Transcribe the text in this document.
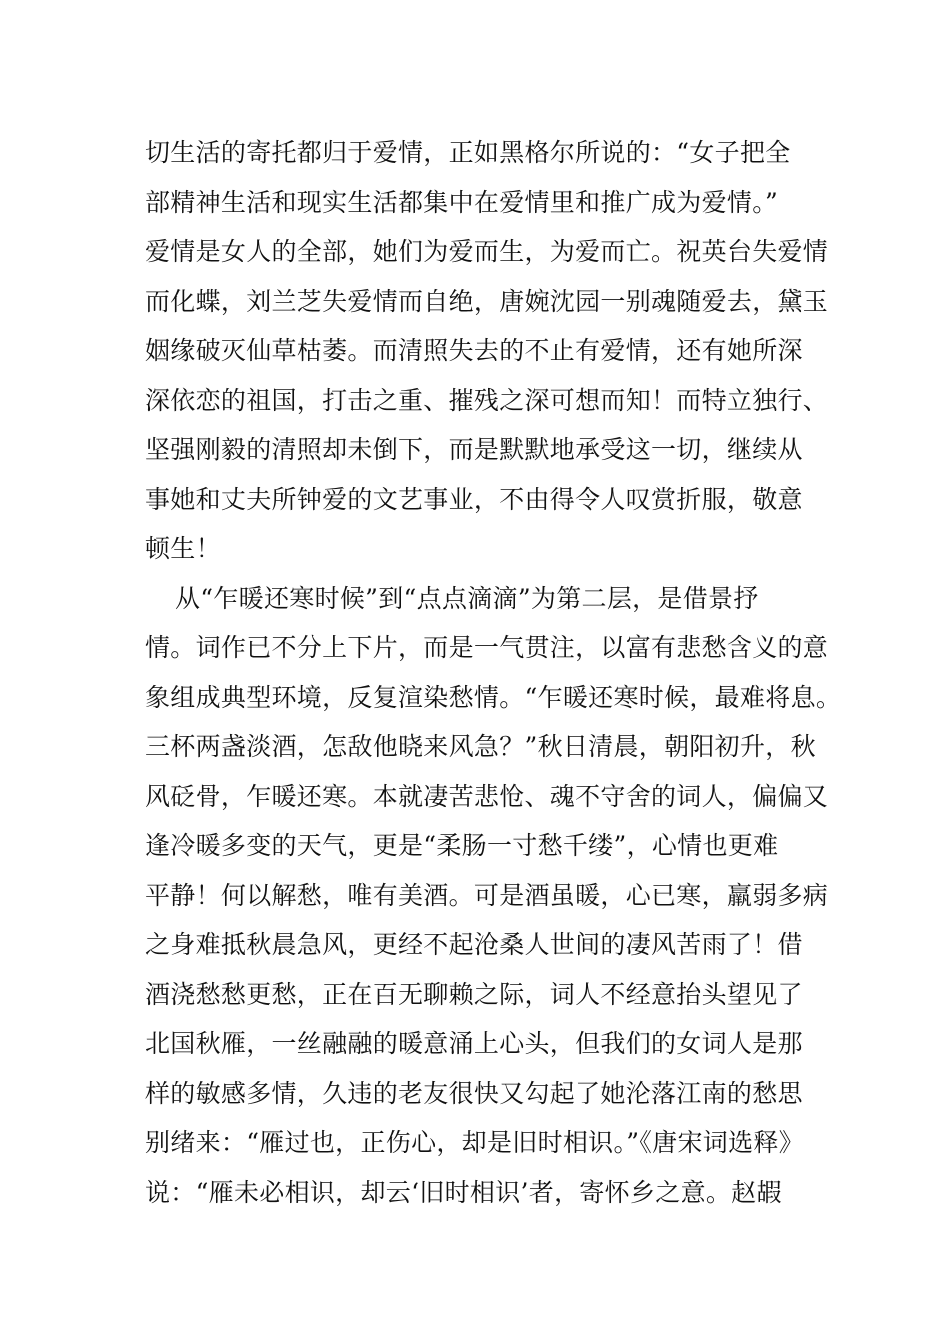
切生活的寄托都归于爱情，正如黑格尔所说的：“女子把全
部精神生活和现实生活都集中在爱情里和推广成为爱情。”
爱情是女人的全部，她们为爱而生，为爱而亡。祝英台失爱情
而化蝶，刘兰芝失爱情而自绝，唐婉沈园一别魂随爱去，黛玉
姻缘破灭仙草枯萎。而清照失去的不止有爱情，还有她所深
深依恋的祖国，打击之重、摧残之深可想而知！而特立独行、
坚强刚毅的清照却未倒下，而是默默地承受这一切，继续从
事她和丈夫所钟爱的文艺事业，不由得令人叹赏折服，敬意
顿生！
从“乍暖还寒时候”到“点点滴滴”为第二层，是借景抒
情。词作已不分上下片，而是一气贯注，以富有悲愁含义的意
象组成典型环境，反复渲染愁情。“乍暖还寒时候，最难将息。
三杯两盏淡酒，怎敌他晓来风急？”秋日清晨，朝阳初升，秋
风砭骨，乍暖还寒。本就凄苦悲怆、魂不守舍的词人，偏偏又
逢冷暖多变的天气，更是“柔肠一寸愁千缕”，心情也更难
平静！何以解愁，唯有美酒。可是酒虽暖，心已寒，羸弱多病
之身难抵秋晨急风，更经不起沧桑人世间的凄风苦雨了！借
酒浇愁愁更愁，正在百无聊赖之际，词人不经意抬头望见了
北国秋雁，一丝融融的暖意涌上心头，但我们的女词人是那
样的敏感多情，久违的老友很快又勾起了她沦落江南的愁思
别绪来：“雁过也，正伤心，却是旧时相识。”《唐宋词选释》
说：“雁未必相识，却云‘旧时相识’者，寄怀乡之意。赵嘏
